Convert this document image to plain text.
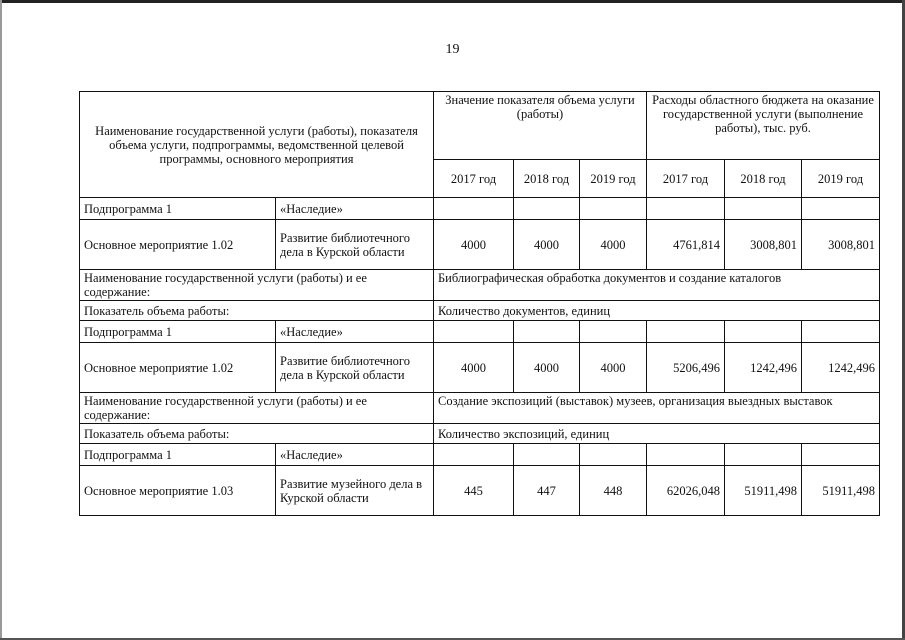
19
Наименование государственной услуги (работы), показателя объема услуги, подпрограммы, ведомственной целевой программы, основного мероприятия		Значение показателя объема услуги (работы)			Расходы областного бюджета на оказание государственной услуги (выполнение работы), тыс. руб.		
		2017 год	2018 год	2019 год	2017 год	2018 год	2019 год
Подпрограмма 1	«Наследие»						
Основное мероприятие 1.02	Развитие библиотечного дела в Курской области	4000	4000	4000	4761,814	3008,801	3008,801
Наименование государственной услуги (работы) и ее содержание:		Библиографическая обработка документов и создание каталогов					
Показатель объема работы:		Количество документов, единиц					
Подпрограмма 1	«Наследие»						
Основное мероприятие 1.02	Развитие библиотечного дела в Курской области	4000	4000	4000	5206,496	1242,496	1242,496
Наименование государственной услуги (работы) и ее содержание:		Создание экспозиций (выставок) музеев, организация выездных выставок					
Показатель объема работы:		Количество экспозиций, единиц					
Подпрограмма 1	«Наследие»						
Основное мероприятие 1.03	Развитие музейного дела в Курской области	445	447	448	62026,048	51911,498	51911,498
